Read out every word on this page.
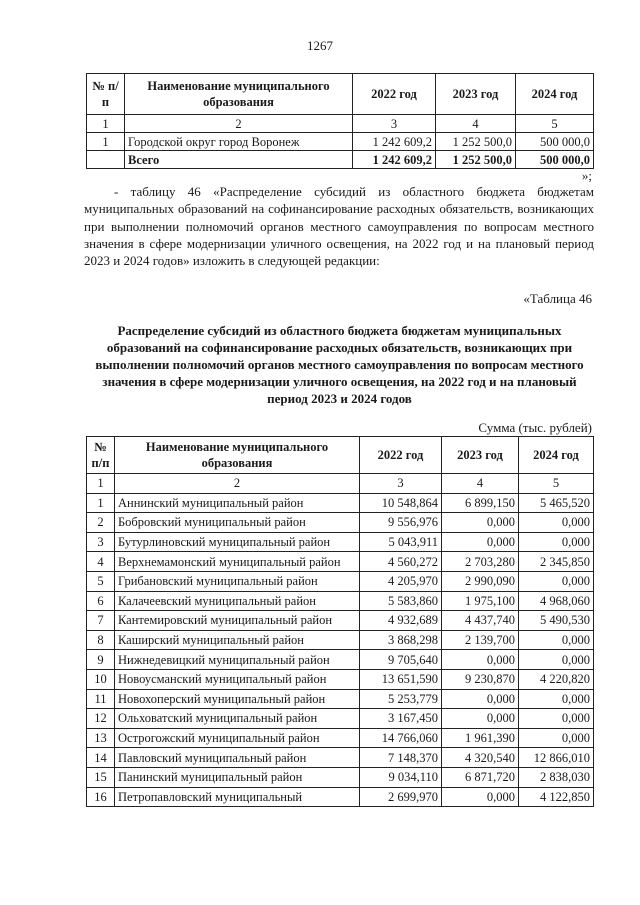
1267
№ п/п	Наименование муниципального образования	2022 год	2023 год	2024 год
1	2	3	4	5
1	Городской округ город Воронеж	1 242 609,2	1 252 500,0	500 000,0
	Всего	1 242 609,2	1 252 500,0	500 000,0
»;

- таблицу 46 «Распределение субсидий из областного бюджета бюджетам муниципальных образований на софинансирование расходных обязательств, возникающих при выполнении полномочий органов местного самоуправления по вопросам местного значения в сфере модернизации уличного освещения, на 2022 год и на плановый период 2023 и 2024 годов» изложить в следующей редакции:

«Таблица 46
Распределение субсидий из областного бюджета бюджетам муниципальных образований на софинансирование расходных обязательств, возникающих при выполнении полномочий органов местного самоуправления по вопросам местного значения в сфере модернизации уличного освещения, на 2022 год и на плановый период 2023 и 2024 годов
Сумма (тыс. рублей)
№ п/п	Наименование муниципального образования	2022 год	2023 год	2024 год
1	2	3	4	5
1	Аннинский муниципальный район	10 548,864	6 899,150	5 465,520
2	Бобровский муниципальный район	9 556,976	0,000	0,000
3	Бутурлиновский муниципальный район	5 043,911	0,000	0,000
4	Верхнемамонский муниципальный район	4 560,272	2 703,280	2 345,850
5	Грибановский муниципальный район	4 205,970	2 990,090	0,000
6	Калачеевский муниципальный район	5 583,860	1 975,100	4 968,060
7	Кантемировский муниципальный район	4 932,689	4 437,740	5 490,530
8	Каширский муниципальный район	3 868,298	2 139,700	0,000
9	Нижнедевицкий муниципальный район	9 705,640	0,000	0,000
10	Новоусманский муниципальный район	13 651,590	9 230,870	4 220,820
11	Новохоперский муниципальный район	5 253,779	0,000	0,000
12	Ольховатский муниципальный район	3 167,450	0,000	0,000
13	Острогожский муниципальный район	14 766,060	1 961,390	0,000
14	Павловский муниципальный район	7 148,370	4 320,540	12 866,010
15	Панинский муниципальный район	9 034,110	6 871,720	2 838,030
16	Петропавловский муниципальный	2 699,970	0,000	4 122,850
